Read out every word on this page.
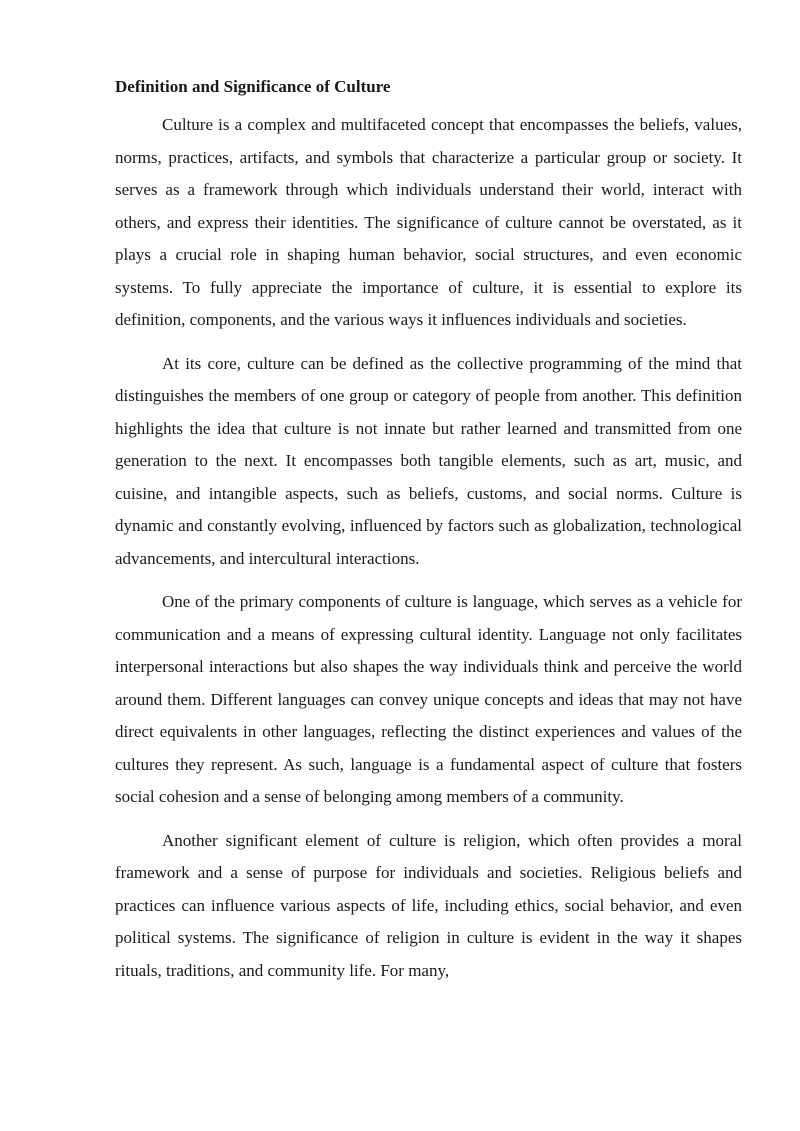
Definition and Significance of Culture

Culture is a complex and multifaceted concept that encompasses the beliefs, values, norms, practices, artifacts, and symbols that characterize a particular group or society. It serves as a framework through which individuals understand their world, interact with others, and express their identities. The significance of culture cannot be overstated, as it plays a crucial role in shaping human behavior, social structures, and even economic systems. To fully appreciate the importance of culture, it is essential to explore its definition, components, and the various ways it influences individuals and societies.

At its core, culture can be defined as the collective programming of the mind that distinguishes the members of one group or category of people from another. This definition highlights the idea that culture is not innate but rather learned and transmitted from one generation to the next. It encompasses both tangible elements, such as art, music, and cuisine, and intangible aspects, such as beliefs, customs, and social norms. Culture is dynamic and constantly evolving, influenced by factors such as globalization, technological advancements, and intercultural interactions.

One of the primary components of culture is language, which serves as a vehicle for communication and a means of expressing cultural identity. Language not only facilitates interpersonal interactions but also shapes the way individuals think and perceive the world around them. Different languages can convey unique concepts and ideas that may not have direct equivalents in other languages, reflecting the distinct experiences and values of the cultures they represent. As such, language is a fundamental aspect of culture that fosters social cohesion and a sense of belonging among members of a community.

Another significant element of culture is religion, which often provides a moral framework and a sense of purpose for individuals and societies. Religious beliefs and practices can influence various aspects of life, including ethics, social behavior, and even political systems. The significance of religion in culture is evident in the way it shapes rituals, traditions, and community life. For many,
